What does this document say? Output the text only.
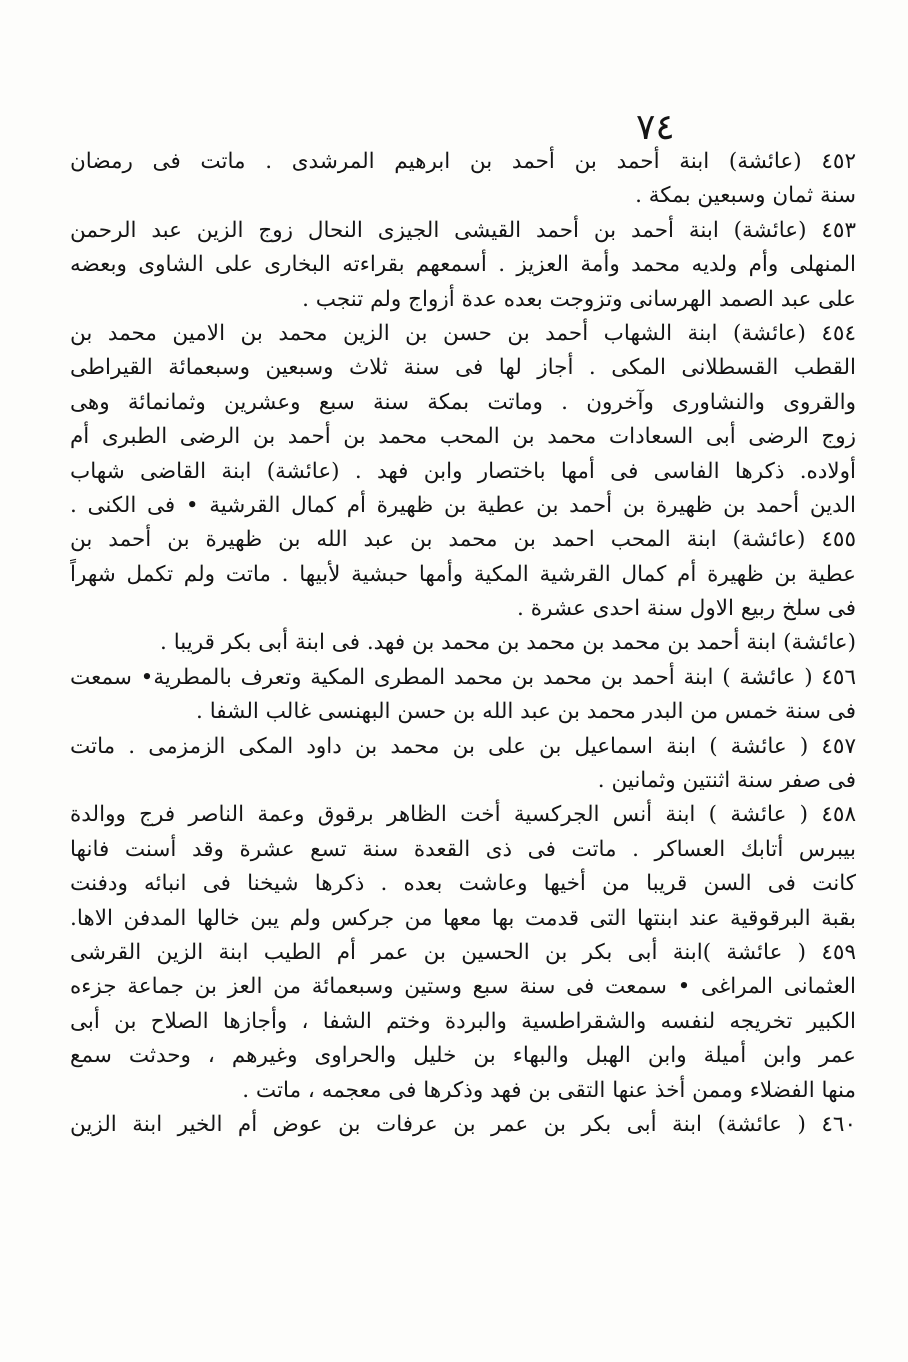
٧٤
٤٥٢ (عائشة) ابنة أحمد بن أحمد بن ابرهيم المرشدى . ماتت فى رمضان
سنة ثمان وسبعين بمكة .
٤٥٣ (عائشة) ابنة أحمد بن أحمد القيشى الجيزى النحال زوج الزين عبد الرحمن
المنهلى وأم ولديه محمد وأمة العزيز . أسمعهم بقراءته البخارى على الشاوى وبعضه
على عبد الصمد الهرسانى وتزوجت بعده عدة أزواج ولم تنجب .
٤٥٤ (عائشة) ابنة الشهاب أحمد بن حسن بن الزين محمد بن الامين محمد بن
القطب القسطلانى المكى . أجاز لها فى سنة ثلاث وسبعين وسبعمائة القيراطى
والقروى والنشاورى وآخرون . وماتت بمكة سنة سبع وعشرين وثمانمائة وهى
زوج الرضى أبى السعادات محمد بن المحب محمد بن أحمد بن الرضى الطبرى أم
أولاده. ذكرها الفاسى فى أمها باختصار وابن فهد . (عائشة) ابنة القاضى شهاب
الدين أحمد بن ظهيرة بن أحمد بن عطية بن ظهيرة أم كمال القرشية • فى الكنى .
٤٥٥ (عائشة) ابنة المحب احمد بن محمد بن عبد الله بن ظهيرة بن أحمد بن
عطية بن ظهيرة أم كمال القرشية المكية وأمها حبشية لأبيها . ماتت ولم تكمل شهراً
فى سلخ ربيع الاول سنة احدى عشرة .
(عائشة) ابنة أحمد بن محمد بن محمد بن محمد بن فهد. فى ابنة أبى بكر قريبا .
٤٥٦ ( عائشة ) ابنة أحمد بن محمد بن محمد المطرى المكية وتعرف بالمطرية• سمعت
فى سنة خمس من البدر محمد بن عبد الله بن حسن البهنسى غالب الشفا .
٤٥٧ ( عائشة ) ابنة اسماعيل بن على بن محمد بن داود المكى الزمزمى . ماتت
فى صفر سنة اثنتين وثمانين .
٤٥٨ ( عائشة ) ابنة أنس الجركسية أخت الظاهر برقوق وعمة الناصر فرج ووالدة
بيبرس أتابك العساكر . ماتت فى ذى القعدة سنة تسع عشرة وقد أسنت فانها
كانت فى السن قريبا من أخيها وعاشت بعده . ذكرها شيخنا فى انبائه ودفنت
بقبة البرقوقية عند ابنتها التى قدمت بها معها من جركس ولم يبن خالها المدفن الاها.
٤٥٩ ( عائشة )ابنة أبى بكر بن الحسين بن عمر أم الطيب ابنة الزين القرشى
العثمانى المراغى • سمعت فى سنة سبع وستين وسبعمائة من العز بن جماعة جزءه
الكبير تخريجه لنفسه والشقراطسية والبردة وختم الشفا ، وأجازها الصلاح بن أبى
عمر وابن أميلة وابن الهبل والبهاء بن خليل والحراوى وغيرهم ، وحدثت سمع
منها الفضلاء وممن أخذ عنها التقى بن فهد وذكرها فى معجمه ، ماتت .
٤٦٠ ( عائشة) ابنة أبى بكر بن عمر بن عرفات بن عوض أم الخير ابنة الزين
